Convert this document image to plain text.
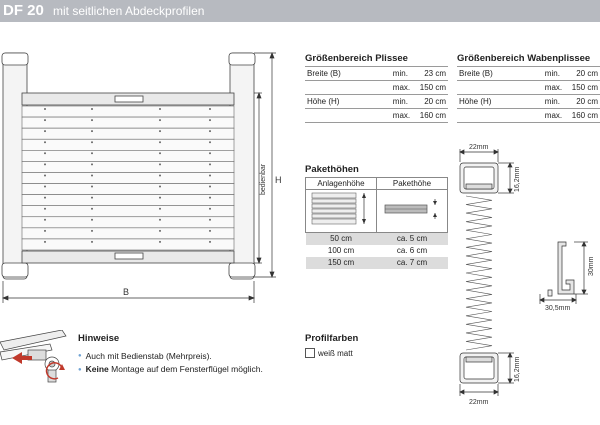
DF 20 mit seitlichen Abdeckprofilen
B
H
bedienbar
Größenbereich Plissee
Breite (B)	min.	23 cm
	max.	150 cm
Höhe (H)	min.	20 cm
	max.	160 cm
Größenbereich Wabenplissee
Breite (B)	min.	20 cm
	max.	150 cm
Höhe (H)	min.	20 cm
	max.	160 cm
Pakethöhen
Anlagenhöhe	Pakethöhe

50 cm	ca. 5 cm
100 cm	ca. 6 cm
150 cm	ca. 7 cm
22mm
16,2mm
30mm
30,5mm
16,2mm
22mm
Hinweise
● Auch mit Bedienstab (Mehrpreis).
● Keine Montage auf dem Fensterflügel möglich.
Profilfarben
weiß matt
